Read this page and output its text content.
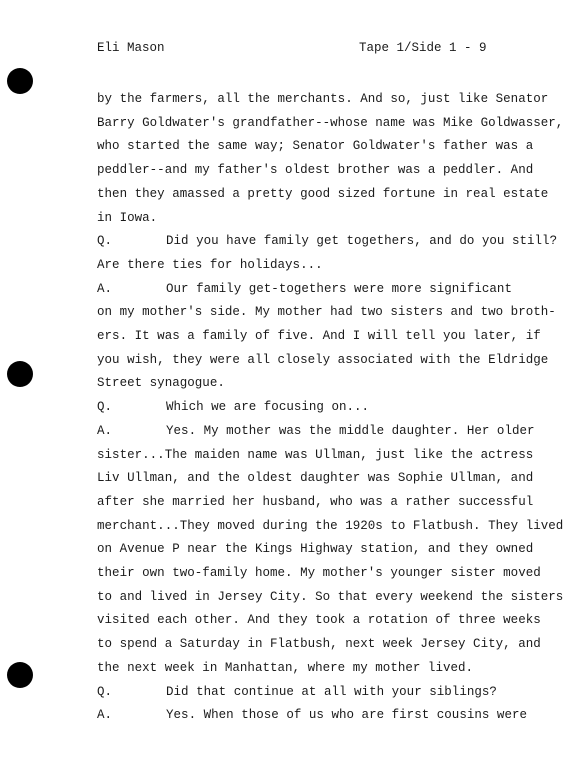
Eli Mason	Tape 1/Side 1 - 9
by the farmers, all the merchants. And so, just like Senator
Barry Goldwater's grandfather--whose name was Mike Goldwasser,
who started the same way; Senator Goldwater's father was a
peddler--and my father's oldest brother was a peddler. And
then they amassed a pretty good sized fortune in real estate
in Iowa.
Q.	Did you have family get togethers, and do you still?
Are there ties for holidays...
A.	Our family get-togethers were more significant
on my mother's side. My mother had two sisters and two broth-
ers. It was a family of five. And I will tell you later, if
you wish, they were all closely associated with the Eldridge
Street synagogue.
Q.	Which we are focusing on...
A.	Yes. My mother was the middle daughter. Her older
sister...The maiden name was Ullman, just like the actress
Liv Ullman, and the oldest daughter was Sophie Ullman, and
after she married her husband, who was a rather successful
merchant...They moved during the 1920s to Flatbush. They lived
on Avenue P near the Kings Highway station, and they owned
their own two-family home. My mother's younger sister moved
to and lived in Jersey City. So that every weekend the sisters
visited each other. And they took a rotation of three weeks
to spend a Saturday in Flatbush, next week Jersey City, and
the next week in Manhattan, where my mother lived.
Q.	Did that continue at all with your siblings?
A.	Yes. When those of us who are first cousins were
